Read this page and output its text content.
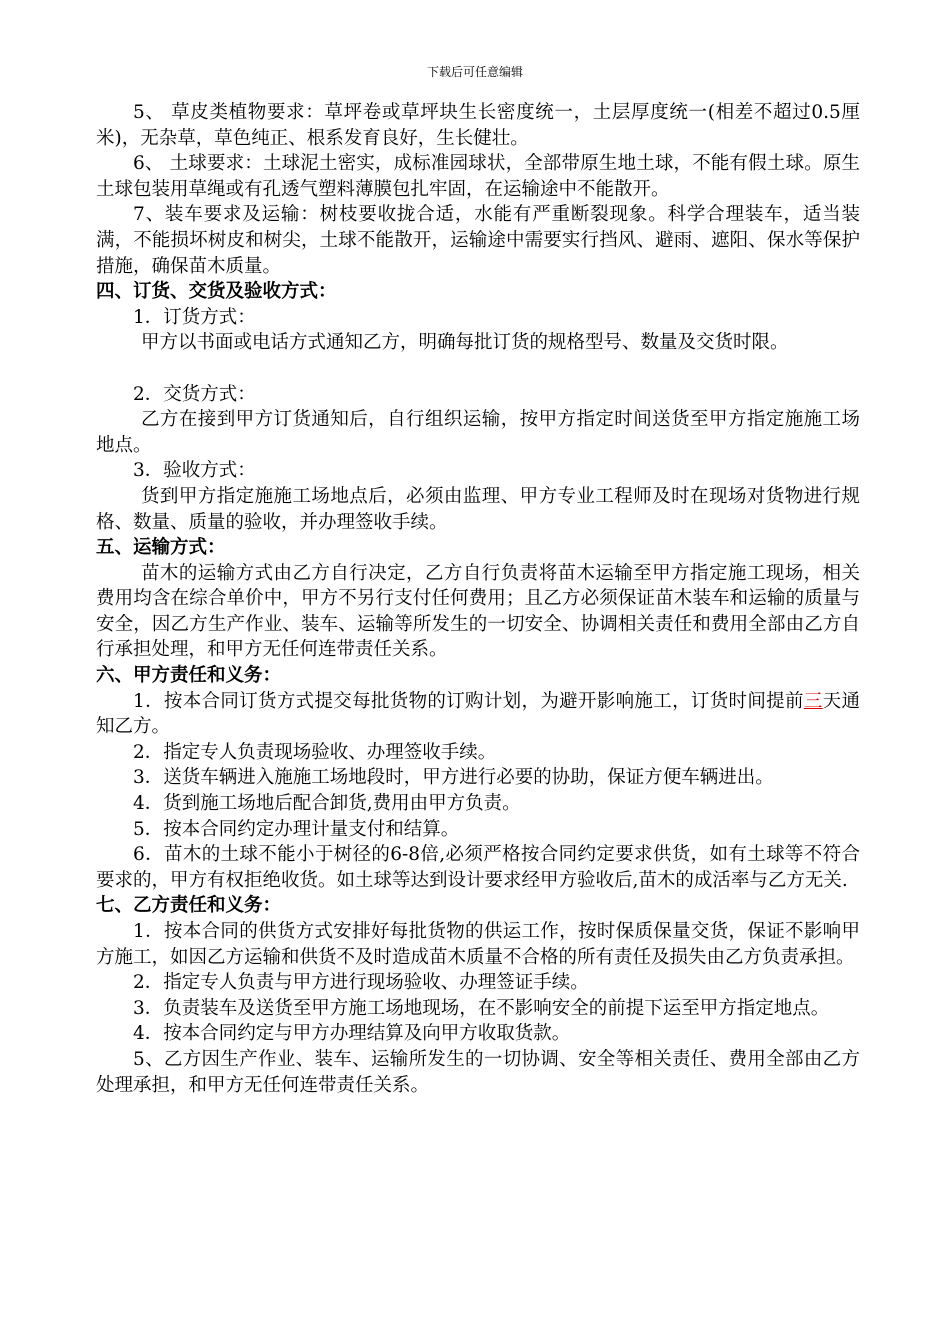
下载后可任意编辑

5、 草皮类植物要求：草坪卷或草坪块生长密度统一，土层厚度统一(相差不超过0.5厘米)，无杂草，草色纯正、根系发育良好，生长健壮。

6、 土球要求：土球泥土密实，成标准园球状，全部带原生地土球，不能有假土球。原生土球包装用草绳或有孔透气塑料薄膜包扎牢固，在运输途中不能散开。

7、装车要求及运输：树枝要收拢合适，水能有严重断裂现象。科学合理装车，适当装满，不能损坏树皮和树尖，土球不能散开，运输途中需要实行挡风、避雨、遮阳、保水等保护措施，确保苗木质量。

四、订货、交货及验收方式：

1．订货方式：

甲方以书面或电话方式通知乙方，明确每批订货的规格型号、数量及交货时限。

2．交货方式：

乙方在接到甲方订货通知后，自行组织运输，按甲方指定时间送货至甲方指定施施工场地点。

3．验收方式：

货到甲方指定施施工场地点后，必须由监理、甲方专业工程师及时在现场对货物进行规格、数量、质量的验收，并办理签收手续。

五、运输方式：

苗木的运输方式由乙方自行决定，乙方自行负责将苗木运输至甲方指定施工现场，相关费用均含在综合单价中，甲方不另行支付任何费用；且乙方必须保证苗木装车和运输的质量与安全，因乙方生产作业、装车、运输等所发生的一切安全、协调相关责任和费用全部由乙方自行承担处理，和甲方无任何连带责任关系。

六、甲方责任和义务：

1．按本合同订货方式提交每批货物的订购计划，为避开影响施工，订货时间提前三天通知乙方。

2．指定专人负责现场验收、办理签收手续。

3．送货车辆进入施施工场地段时，甲方进行必要的协助，保证方便车辆进出。

4．货到施工场地后配合卸货,费用由甲方负责。

5．按本合同约定办理计量支付和结算。

6．苗木的土球不能小于树径的6-8倍,必须严格按合同约定要求供货，如有土球等不符合要求的，甲方有权拒绝收货。如土球等达到设计要求经甲方验收后,苗木的成活率与乙方无关.

七、乙方责任和义务：

1．按本合同的供货方式安排好每批货物的供运工作，按时保质保量交货，保证不影响甲方施工，如因乙方运输和供货不及时造成苗木质量不合格的所有责任及损失由乙方负责承担。

2．指定专人负责与甲方进行现场验收、办理签证手续。

3．负责装车及送货至甲方施工场地现场，在不影响安全的前提下运至甲方指定地点。

4．按本合同约定与甲方办理结算及向甲方收取货款。

5、乙方因生产作业、装车、运输所发生的一切协调、安全等相关责任、费用全部由乙方处理承担，和甲方无任何连带责任关系。
